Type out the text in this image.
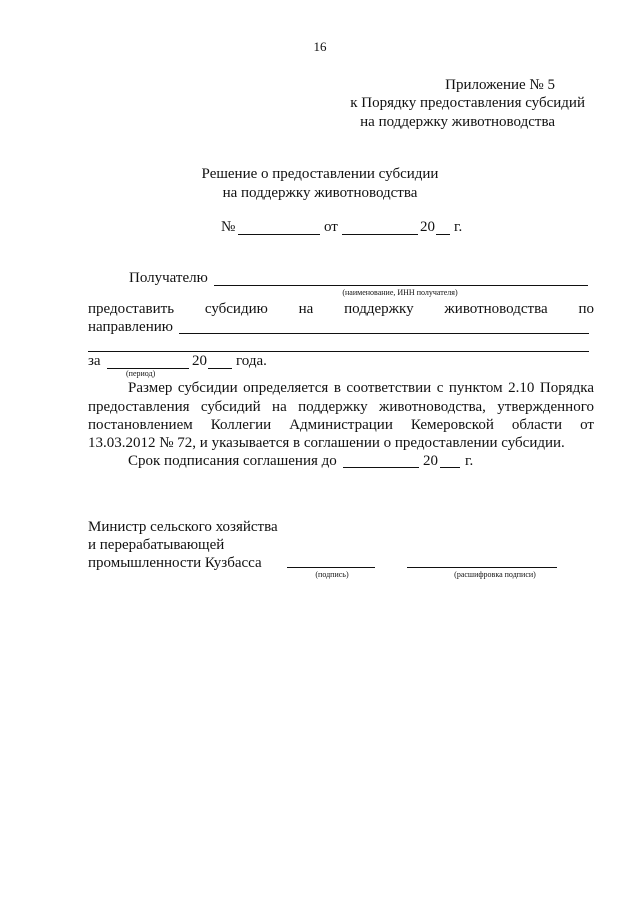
16
Приложение № 5
к Порядку предоставления субсидий
на поддержку животноводства
Решение о предоставлении субсидии
на поддержку животноводства
№	от	20 г.
Получателю
(наименование, ИНН получателя)
предоставить субсидию на поддержку животноводства по
направлению
за	20 года.
(период)
Размер субсидии определяется в соответствии с пунктом 2.10 Порядка
предоставления субсидий на поддержку животноводства, утвержденного
постановлением Коллегии Администрации Кемеровской области от
13.03.2012 № 72, и указывается в соглашении о предоставлении субсидии.
Срок подписания соглашения до	20 г.
Министр сельского хозяйства
и перерабатывающей
промышленности Кузбасса
(подпись)	(расшифровка подписи)
